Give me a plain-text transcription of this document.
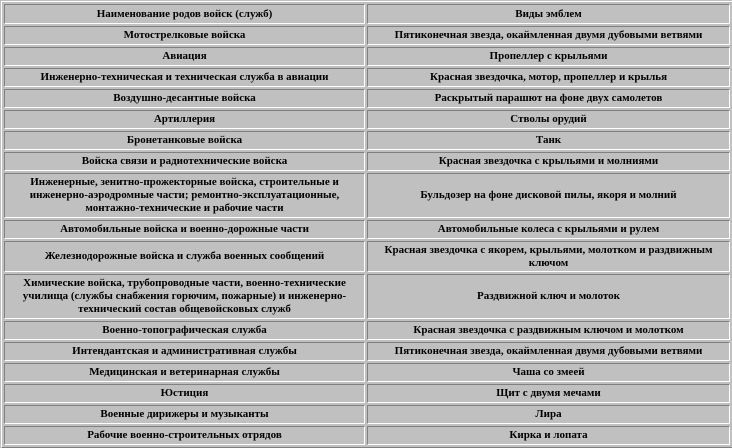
Наименование родов войск (служб)	Виды эмблем
Мотострелковые войска	Пятиконечная звезда, окаймленная двумя дубовыми ветвями
Авиация	Пропеллер с крыльями
Инженерно-техническая и техническая служба в авиации	Красная звездочка, мотор, пропеллер и крылья
Воздушно-десантные войска	Раскрытый парашют на фоне двух самолетов
Артиллерия	Стволы орудий
Бронетанковые войска	Танк
Войска связи и радиотехнические войска	Красная звездочка с крыльями и молниями
Инженерные, зенитно-прожекторные войска, строительные и инженерно-аэродромные части; ремонтно-эксплуатационные, монтажно-технические и рабочие части	Бульдозер на фоне дисковой пилы, якоря и молний
Автомобильные войска и военно-дорожные части	Автомобильные колеса с крыльями и рулем
Железнодорожные войска и служба военных сообщений	Красная звездочка с якорем, крыльями, молотком и раздвижным ключом
Химические войска, трубопроводные части, военно-технические училища (службы снабжения горючим, пожарные) и инженерно-технический состав общевойсковых служб	Раздвижной ключ и молоток
Военно-топографическая служба	Красная звездочка с раздвижным ключом и молотком
Интендантская и административная службы	Пятиконечная звезда, окаймленная двумя дубовыми ветвями
Медицинская и ветеринарная службы	Чаша со змеей
Юстиция	Щит с двумя мечами
Военные дирижеры и музыканты	Лира
Рабочие военно-строительных отрядов	Кирка и лопата
